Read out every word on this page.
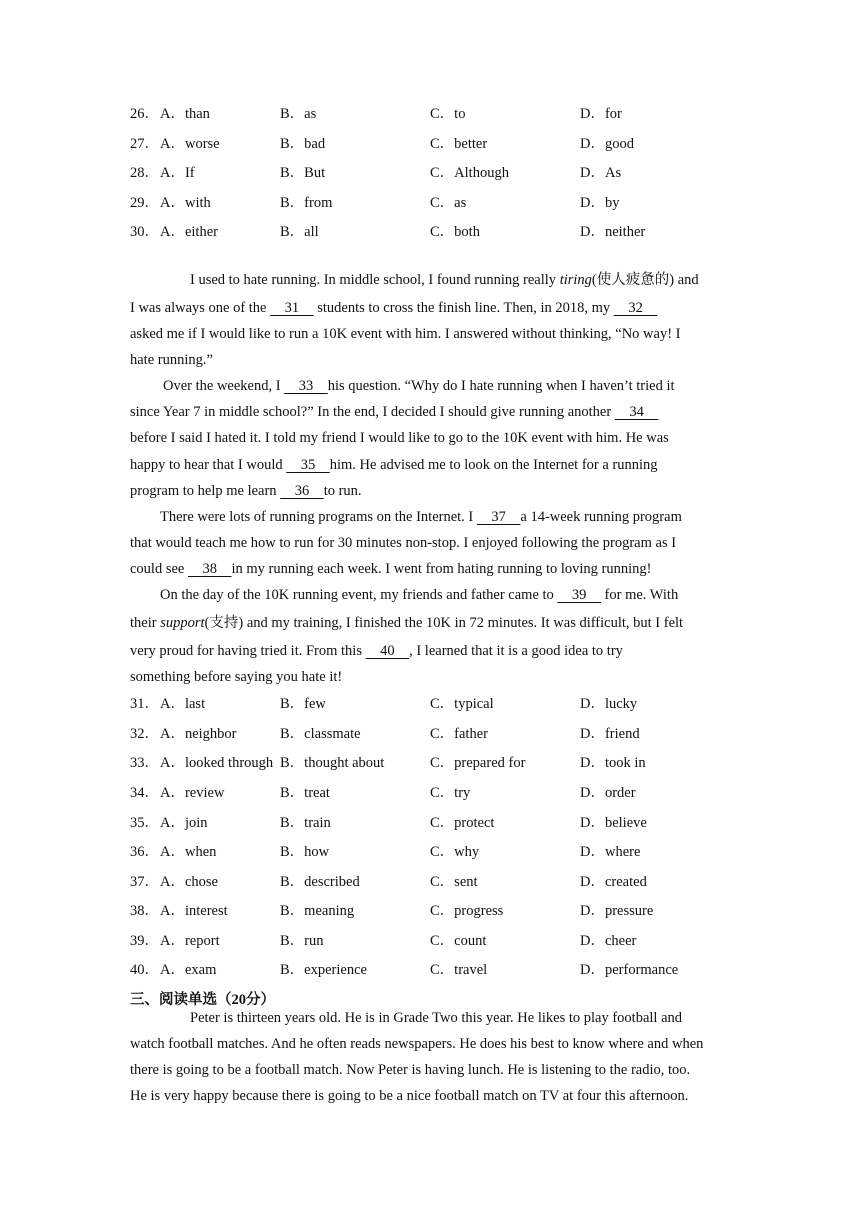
26． A．than	B．as	C．to	D．for
27． A．worse	B．bad	C．better	D．good
28． A．If	B．But	C．Although	D．As
29． A．with	B．from	C．as	D．by
30． A．either	B．all	C．both	D．neither
I used to hate running. In middle school, I found running really tiring(使人疲惫的) and
I was always one of the     31     students to cross the finish line. Then, in 2018, my     32
asked me if I would like to run a 10K event with him. I answered without thinking, “No way! I
hate running.”
Over the weekend, I     33    his question. “Why do I hate running when I haven’t tried it
since Year 7 in middle school?” In the end, I decided I should give running another     34
before I said I hated it. I told my friend I would like to go to the 10K event with him. He was
happy to hear that I would     35    him. He advised me to look on the Internet for a running
program to help me learn     36    to run.
There were lots of running programs on the Internet. I     37    a 14-week running program
that would teach me how to run for 30 minutes non-stop. I enjoyed following the program as I
could see     38    in my running each week. I went from hating running to loving running!
On the day of the 10K running event, my friends and father came to     39     for me. With
their support(支持) and my training, I finished the 10K in 72 minutes. It was difficult, but I felt
very proud for having tried it. From this     40    , I learned that it is a good idea to try
something before saying you hate it!
31． A．last	B．few	C．typical	D．lucky
32． A．neighbor	B．classmate	C．father	D．friend
33． A．looked through B．thought about	C．prepared for	D．took in
34． A．review	B．treat	C．try	D．order
35． A．join	B．train	C．protect	D．believe
36． A．when	B．how	C．why	D．where
37． A．chose	B．described	C．sent	D．created
38． A．interest	B．meaning	C．progress	D．pressure
39． A．report	B．run	C．count	D．cheer
40． A．exam	B．experience	C．travel	D．performance
三、阅读单选（20分）
Peter is thirteen years old. He is in Grade Two this year. He likes to play football and
watch football matches. And he often reads newspapers. He does his best to know where and when
there is going to be a football match. Now Peter is having lunch. He is listening to the radio, too.
He is very happy because there is going to be a nice football match on TV at four this afternoon.
